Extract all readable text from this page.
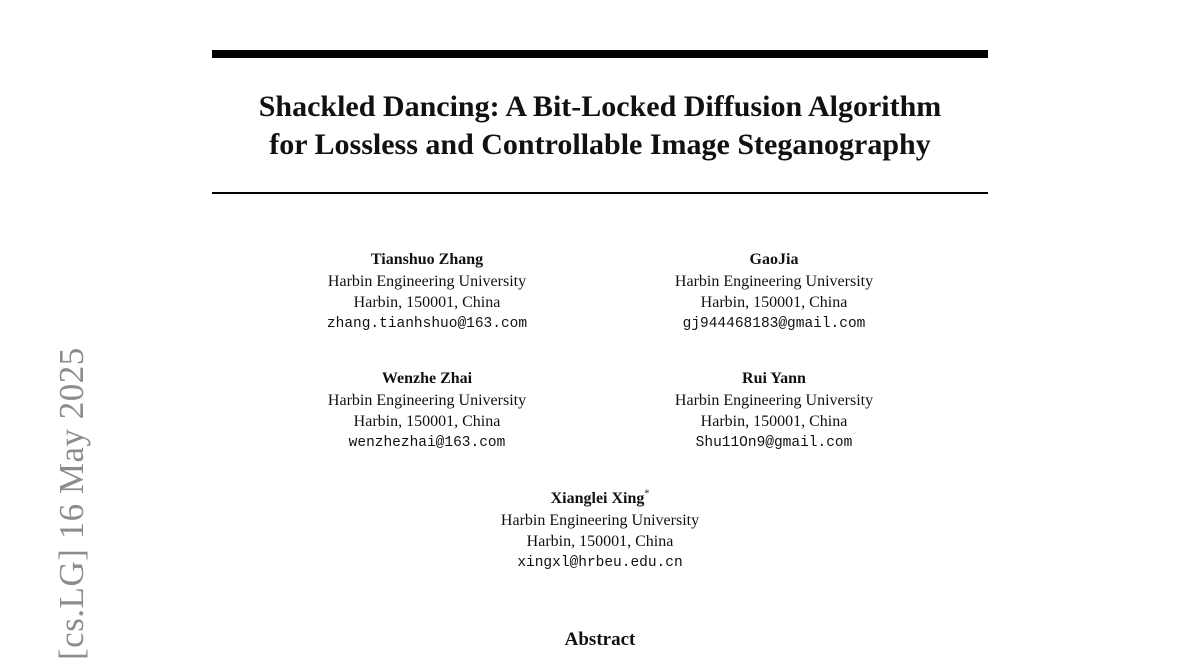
Shackled Dancing: A Bit-Locked Diffusion Algorithm
for Lossless and Controllable Image Steganography
Tianshuo Zhang
Harbin Engineering University
Harbin, 150001, China
zhang.tianhshuo@163.com
GaoJia
Harbin Engineering University
Harbin, 150001, China
gj944468183@gmail.com
Wenzhe Zhai
Harbin Engineering University
Harbin, 150001, China
wenzhezhai@163.com
Rui Yann
Harbin Engineering University
Harbin, 150001, China
Shu11On9@gmail.com
Xianglei Xing*
Harbin Engineering University
Harbin, 150001, China
xingxl@hrbeu.edu.cn
Abstract
[cs.LG] 16 May 2025
